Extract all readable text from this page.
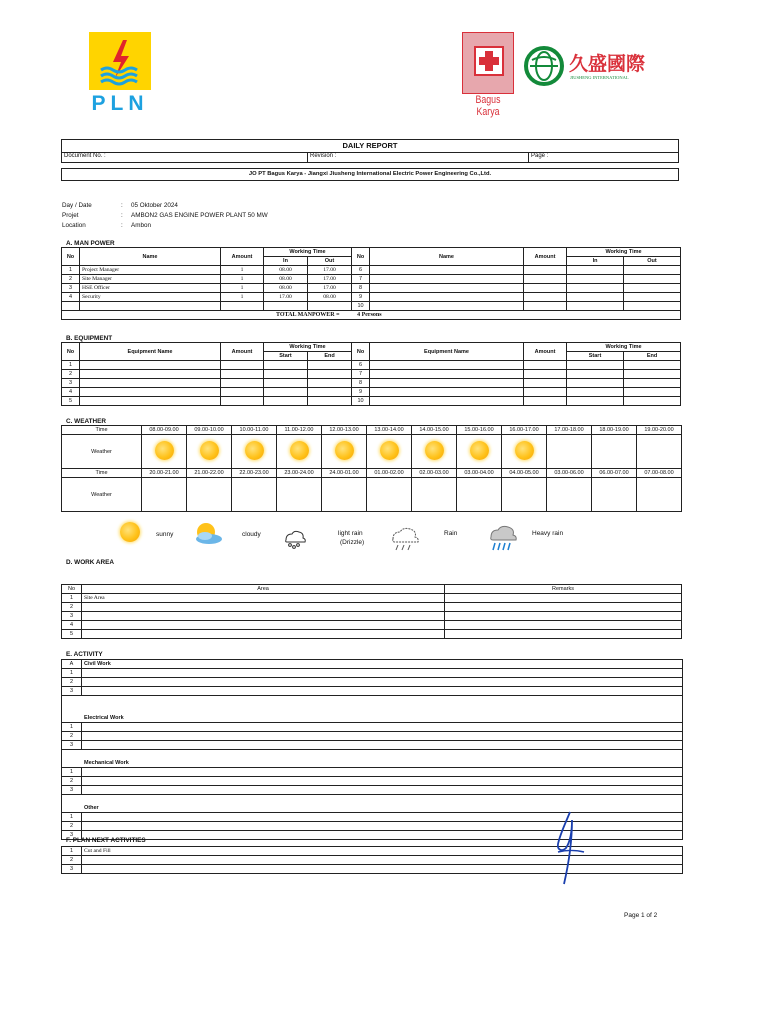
PLN	Bagus Karya
久盛國際
JIUSHENG INTERNATIONAL
DAILY REPORT
Document No. :	Revision :	Page :
JO PT Bagus Karya - Jiangxi Jiusheng International Electric Power Engineering Co.,Ltd.
Day / Date	: 05 Oktober 2024
Projet	: AMBON2 GAS ENGINE POWER PLANT 50 MW
Location	: Ambon
A. MAN POWER
No	Name	Amount	Working Time		No	Name	Amount	Working Time	
			In	Out				In	Out
1	Project Manager	1	08.00	17.00	6				
2	Site Manager	1	08.00	17.00	7				
3	HSE Officer	1	08.00	17.00	8				
4	Security	1	17.00	08.00	9				
					10				
TOTAL MANPOWER = 4 Persons									
B. EQUIPMENT
No	Equipment Name	Amount	Working Time		No	Equipment Name	Amount	Working Time	
			Start	End				Start	End
1					6				
2					7				
3					8				
4					9				
5					10				
C. WEATHER
Time	08.00-09.00	09.00-10.00	10.00-11.00	11.00-12.00	12.00-13.00	13.00-14.00	14.00-15.00	15.00-16.00	16.00-17.00	17.00-18.00	18.00-19.00	19.00-20.00
Weather												
Time	20.00-21.00	21.00-22.00	22.00-23.00	23.00-24.00	24.00-01.00	01.00-02.00	02.00-03.00	03.00-04.00	04.00-05.00	03.00-06.00	06.00-07.00	07.00-08.00
Weather												
sunny	cloudy	light rain
(Drizzle)
Rain	Heavy rain
D. WORK AREA
No	Area	Remarks
1	Site Area	
2		
3		
4		
5		
E. ACTIVITY
A	Civil Work
1	
2	
3	

Electrical Work	
1	
2	
3	

Mechanical Work	
1	
2	
3	

Other	
1	
2	
3	
F. PLAN NEXT ACTIVITIES
1	Cut and Fill
2	
3	
Page 1 of 2
